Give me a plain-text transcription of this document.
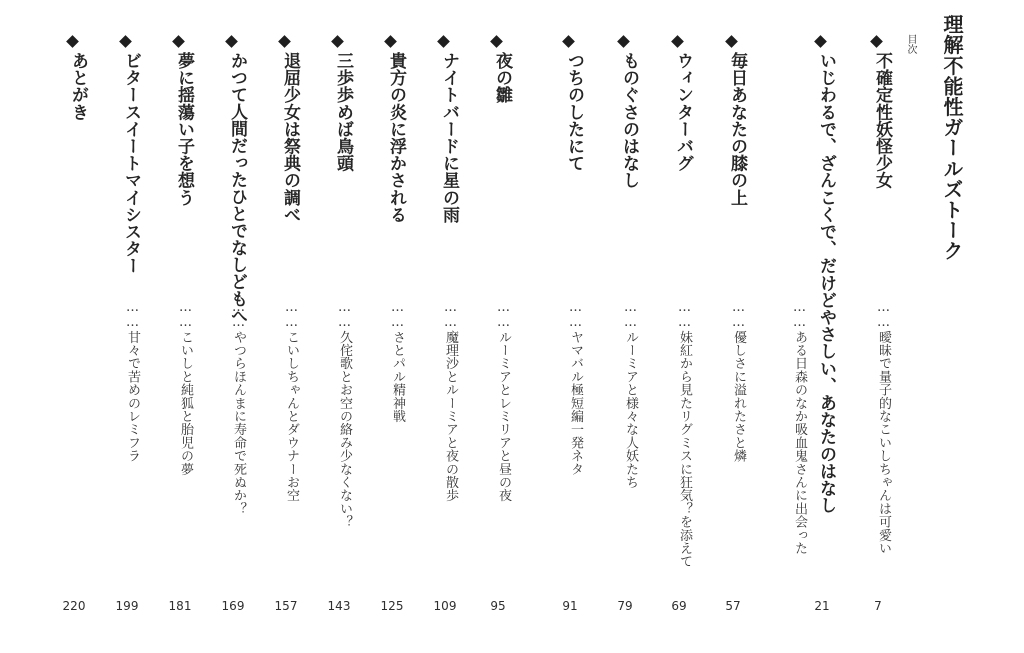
理解不能性ガールズトーク
目次
不確定性妖怪少女
……曖昧で量子的なこいしちゃんは可愛い
7
いじわるで、ざんこくで、だけどやさしい、あなたのはなし
……ある日森のなか吸血鬼さんに出会った
21
毎日あなたの膝の上
……優しさに溢れたさと燐
57
ウィンターバグ
……妹紅から見たリグミスに狂気？を添えて
69
ものぐさのはなし
……ルーミアと様々な人妖たち
79
つちのしたにて
……ヤマバル極短編一発ネタ
91
夜の雛
……ルーミアとレミリアと昼の夜
95
ナイトバードに星の雨
……魔理沙とルーミアと夜の散歩
109
貴方の炎に浮かされる
……さとパル精神戦
125
三歩歩めば鳥頭
……久侘歌とお空の絡み少なくない？
143
退屈少女は祭典の調べ
……こいしちゃんとダウナーお空
157
かつて人間だったひとでなしどもへ
……やつらほんまに寿命で死ぬか？
169
夢に揺蕩い子を想う
……こいしと純狐と胎児の夢
181
ビタースイートマイシスター
……甘々で苦めのレミフラ
199
あとがき
220
